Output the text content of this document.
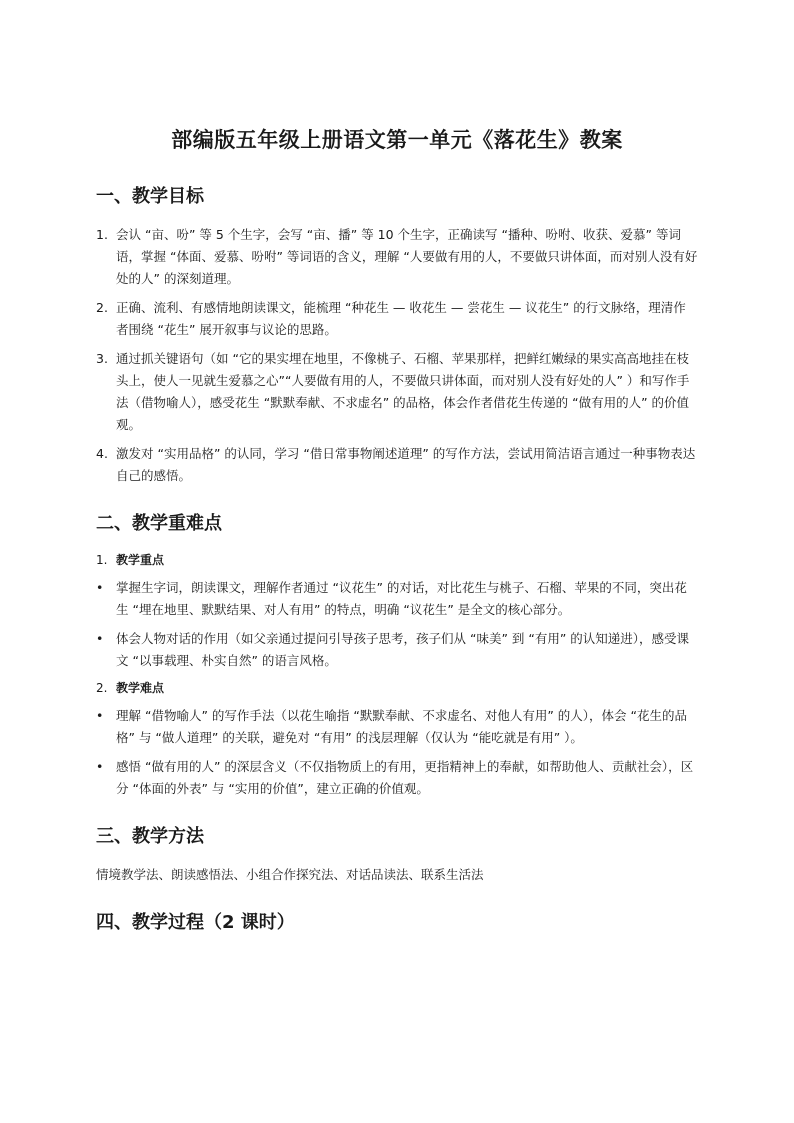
部编版五年级上册语文第一单元《落花生》教案
一、教学目标
1. 会认 “亩、吩” 等 5 个生字，会写 “亩、播” 等 10 个生字，正确读写 “播种、吩咐、收获、爱慕” 等词语，掌握 “体面、爱慕、吩咐” 等词语的含义，理解 “人要做有用的人，不要做只讲体面，而对别人没有好处的人” 的深刻道理。
2. 正确、流利、有感情地朗读课文，能梳理 “种花生 — 收花生 — 尝花生 — 议花生” 的行文脉络，理清作者围绕 “花生” 展开叙事与议论的思路。
3. 通过抓关键语句（如 “它的果实埋在地里，不像桃子、石榴、苹果那样，把鲜红嫩绿的果实高高地挂在枝头上，使人一见就生爱慕之心”“人要做有用的人，不要做只讲体面，而对别人没有好处的人” ）和写作手法（借物喻人），感受花生 “默默奉献、不求虚名” 的品格，体会作者借花生传递的 “做有用的人” 的价值观。
4. 激发对 “实用品格” 的认同，学习 “借日常事物阐述道理” 的写作方法，尝试用简洁语言通过一种事物表达自己的感悟。
二、教学重难点
1. 教学重点
•	掌握生字词，朗读课文，理解作者通过 “议花生” 的对话，对比花生与桃子、石榴、苹果的不同，突出花生 “埋在地里、默默结果、对人有用” 的特点，明确 “议花生” 是全文的核心部分。
•	体会人物对话的作用（如父亲通过提问引导孩子思考，孩子们从 “味美” 到 “有用” 的认知递进），感受课文 “以事载理、朴实自然” 的语言风格。
2. 教学难点
•	理解 “借物喻人” 的写作手法（以花生喻指 “默默奉献、不求虚名、对他人有用” 的人），体会 “花生的品格” 与 “做人道理” 的关联，避免对 “有用” 的浅层理解（仅认为 “能吃就是有用” ）。
•	感悟 “做有用的人” 的深层含义（不仅指物质上的有用，更指精神上的奉献，如帮助他人、贡献社会），区分 “体面的外表” 与 “实用的价值”，建立正确的价值观。
三、教学方法

情境教学法、朗读感悟法、小组合作探究法、对话品读法、联系生活法

四、教学过程（2 课时）
